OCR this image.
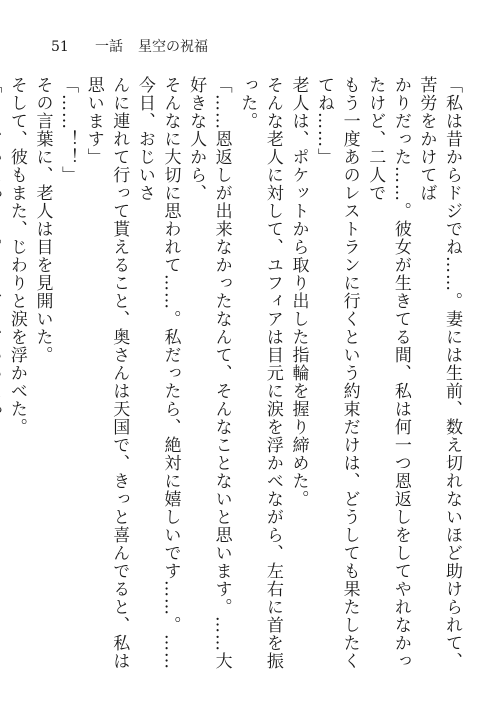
51 一話 星空の祝福

「私は昔からドジでね……。妻には生前、数え切れないほど助けられて、苦労をかけてば

かりだった……。彼女が生きてる間、私は何一つ恩返しをしてやれなかったけど、二人で

もう一度あのレストランに行くという約束だけは、どうしても果たしたくてね……」

老人は、ポケットから取り出した指輪を握り締めた。

そんな老人に対して、ユフィアは目元に涙を浮かべながら、左右に首を振った。

「……恩返しが出来なかったなんて、そんなことないと思います。……大好きな人から、

そんなに大切に思われて……。私だったら、絶対に嬉しいです……。……今日、おじいさ

んに連れて行って貰えること、奥さんは天国で、きっと喜んでると、私は思います」

「……！！」

その言葉に、老人は目を見開いた。

そして、彼もまた、じわりと涙を浮かべた。
